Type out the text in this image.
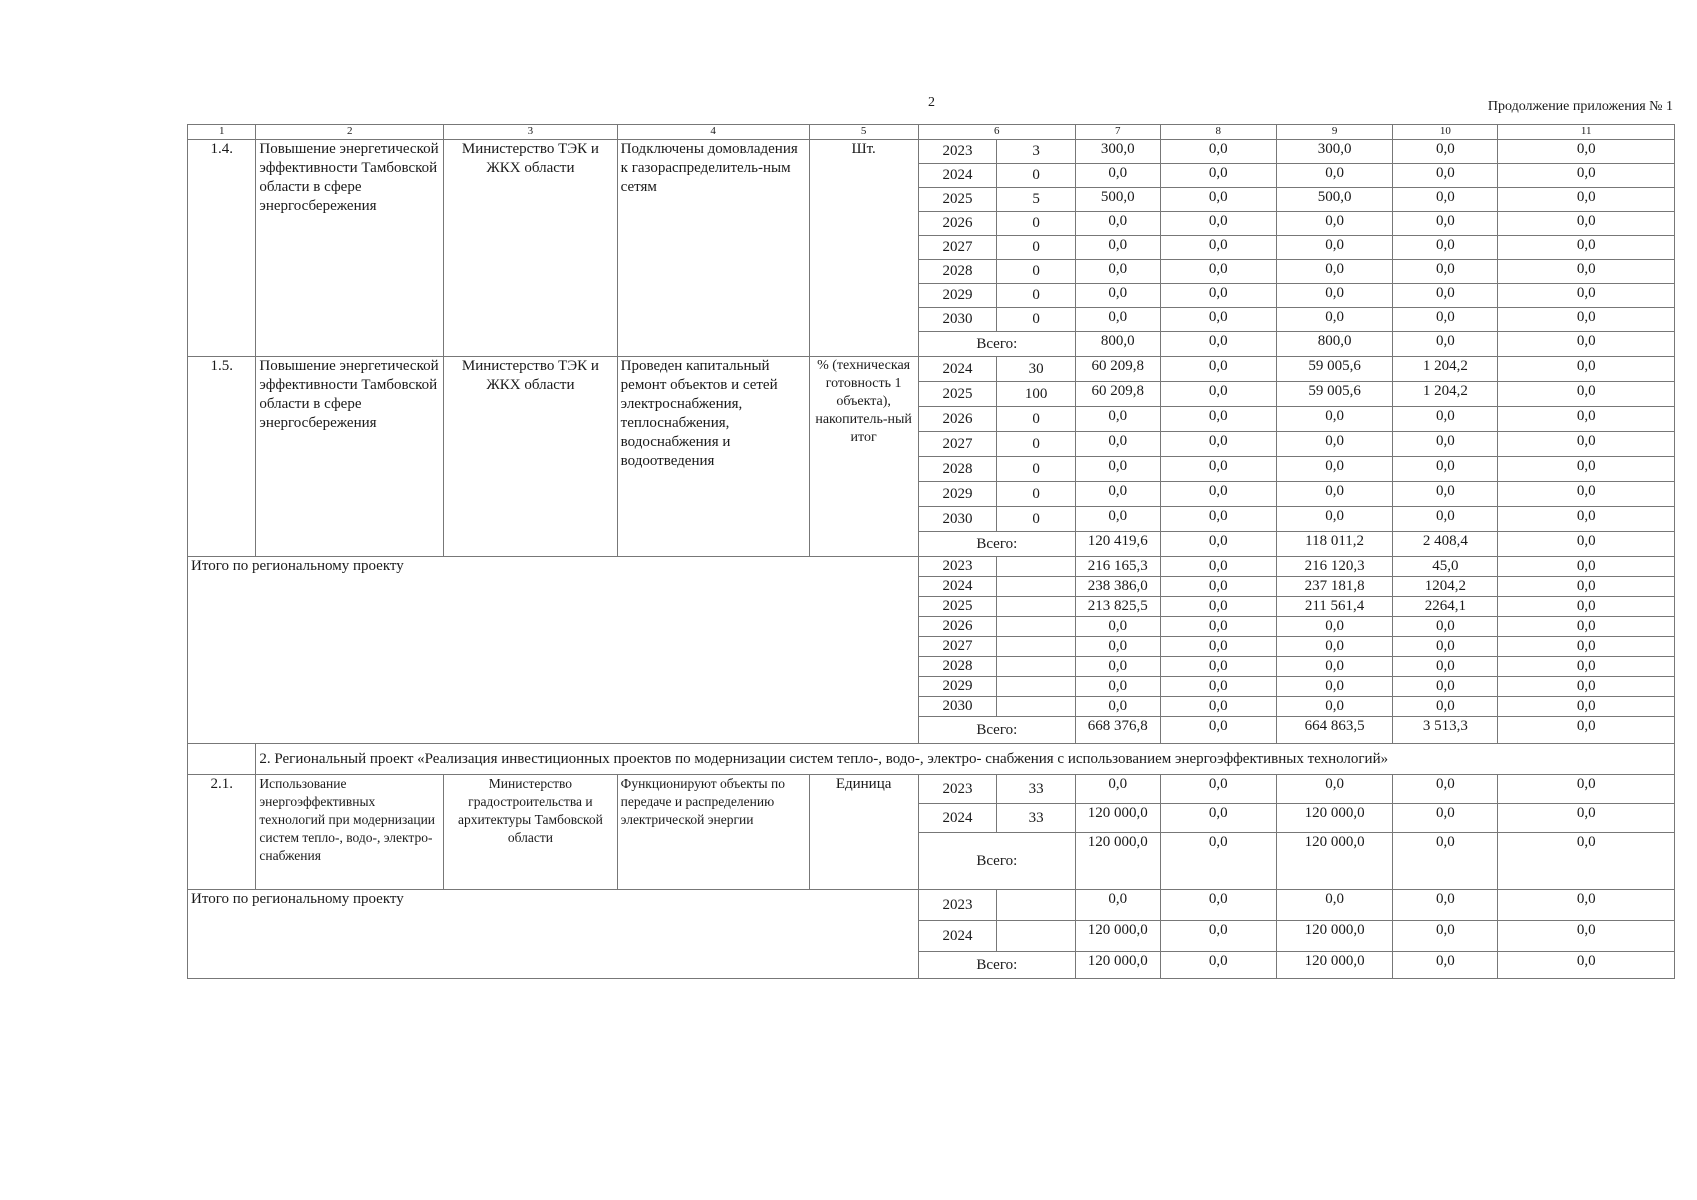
2	Продолжение приложения № 1
1	2	3	4	5	6		7	8	9	10	11
1.4.	Повышение энергетической эффективности Тамбовской области в сфере энергосбережения	Министерство ТЭК и ЖКХ области	Подключены домовладения к газораспределитель-ным сетям	Шт.	2023	3	300,0	0,0	300,0	0,0	0,0
					2024	0	0,0	0,0	0,0	0,0	0,0
					2025	5	500,0	0,0	500,0	0,0	0,0
					2026	0	0,0	0,0	0,0	0,0	0,0
					2027	0	0,0	0,0	0,0	0,0	0,0
					2028	0	0,0	0,0	0,0	0,0	0,0
					2029	0	0,0	0,0	0,0	0,0	0,0
					2030	0	0,0	0,0	0,0	0,0	0,0
					Всего:		800,0	0,0	800,0	0,0	0,0
1.5.	Повышение энергетической эффективности Тамбовской области в сфере энергосбережения	Министерство ТЭК и ЖКХ области	Проведен капитальный ремонт объектов и сетей электроснабжения, теплоснабжения, водоснабжения и водоотведения	% (техническая готовность 1 объекта), накопитель-ный итог	2024	30	60 209,8	0,0	59 005,6	1 204,2	0,0
					2025	100	60 209,8	0,0	59 005,6	1 204,2	0,0
					2026	0	0,0	0,0	0,0	0,0	0,0
					2027	0	0,0	0,0	0,0	0,0	0,0
					2028	0	0,0	0,0	0,0	0,0	0,0
					2029	0	0,0	0,0	0,0	0,0	0,0
					2030	0	0,0	0,0	0,0	0,0	0,0
					Всего:		120 419,6	0,0	118 011,2	2 408,4	0,0
Итого по региональному проекту					2023		216 165,3	0,0	216 120,3	45,0	0,0
					2024		238 386,0	0,0	237 181,8	1204,2	0,0
					2025		213 825,5	0,0	211 561,4	2264,1	0,0
					2026		0,0	0,0	0,0	0,0	0,0
					2027		0,0	0,0	0,0	0,0	0,0
					2028		0,0	0,0	0,0	0,0	0,0
					2029		0,0	0,0	0,0	0,0	0,0
					2030		0,0	0,0	0,0	0,0	0,0
					Всего:		668 376,8	0,0	664 863,5	3 513,3	0,0
	2. Региональный проект «Реализация инвестиционных проектов по модернизации систем тепло-, водо-, электро- снабжения с использованием энергоэффективных технологий»										
2.1.	Использование энергоэффективных технологий при модернизации систем тепло-, водо-, электро-снабжения	Министерство градостроительства и архитектуры Тамбовской области	Функционируют объекты по передаче и распределению электрической энергии	Единица	2023	33	0,0	0,0	0,0	0,0	0,0
					2024	33	120 000,0	0,0	120 000,0	0,0	0,0
					Всего:		120 000,0	0,0	120 000,0	0,0	0,0
Итого по региональному проекту					2023		0,0	0,0	0,0	0,0	0,0
					2024		120 000,0	0,0	120 000,0	0,0	0,0
					Всего:		120 000,0	0,0	120 000,0	0,0	0,0
